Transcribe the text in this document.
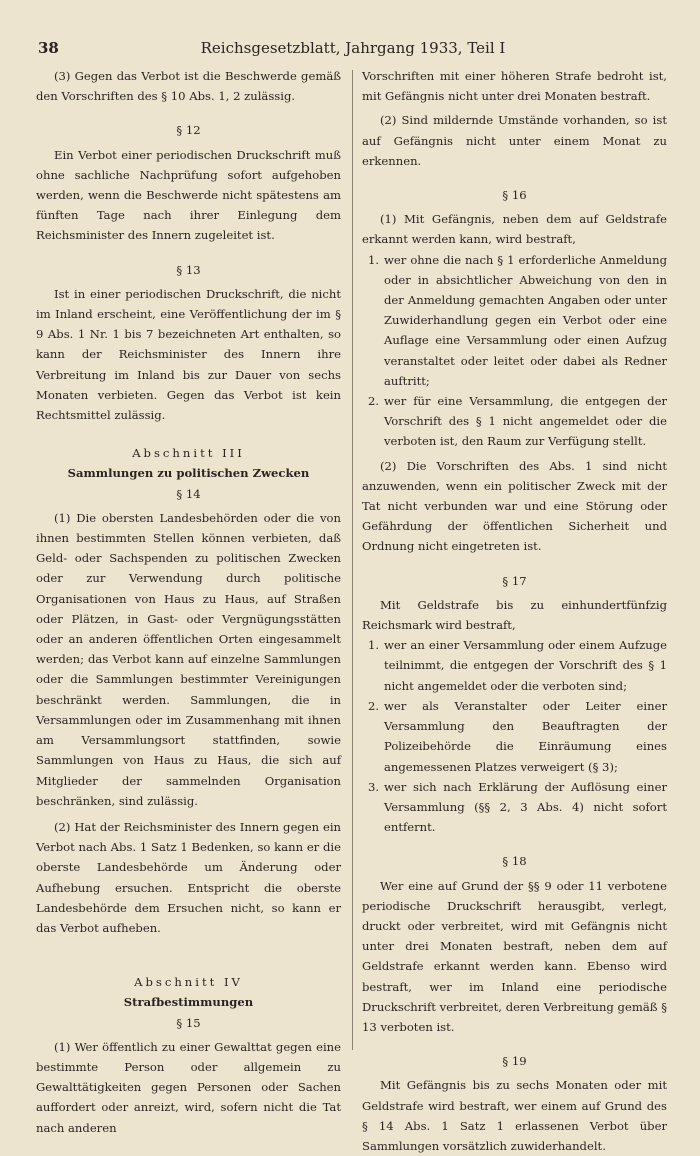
38	Reichsgesetzblatt, Jahrgang 1933, Teil I

(3) Gegen das Verbot ist die Beschwerde gemäß den Vorschriften des § 10 Abs. 1, 2 zulässig.

§ 12

Ein Verbot einer periodischen Druckschrift muß ohne sachliche Nachprüfung sofort aufgehoben werden, wenn die Beschwerde nicht spätestens am fünften Tage nach ihrer Einlegung dem Reichsminister des Innern zugeleitet ist.

§ 13

Ist in einer periodischen Druckschrift, die nicht im Inland erscheint, eine Veröffentlichung der im § 9 Abs. 1 Nr. 1 bis 7 bezeichneten Art enthalten, so kann der Reichsminister des Innern ihre Verbreitung im Inland bis zur Dauer von sechs Monaten verbieten. Gegen das Verbot ist kein Rechtsmittel zulässig.

Abschnitt III
Sammlungen zu politischen Zwecken
§ 14

(1) Die obersten Landesbehörden oder die von ihnen bestimmten Stellen können verbieten, daß Geld- oder Sachspenden zu politischen Zwecken oder zur Verwendung durch politische Organisationen von Haus zu Haus, auf Straßen oder Plätzen, in Gast- oder Vergnügungsstätten oder an anderen öffentlichen Orten eingesammelt werden; das Verbot kann auf einzelne Sammlungen oder die Sammlungen bestimmter Vereinigungen beschränkt werden. Sammlungen, die in Versammlungen oder im Zusammenhang mit ihnen am Versammlungsort stattfinden, sowie Sammlungen von Haus zu Haus, die sich auf Mitglieder der sammelnden Organisation beschränken, sind zulässig.

(2) Hat der Reichsminister des Innern gegen ein Verbot nach Abs. 1 Satz 1 Bedenken, so kann er die oberste Landesbehörde um Änderung oder Aufhebung ersuchen. Entspricht die oberste Landesbehörde dem Ersuchen nicht, so kann er das Verbot aufheben.

Abschnitt IV
Strafbestimmungen
§ 15

(1) Wer öffentlich zu einer Gewalttat gegen eine bestimmte Person oder allgemein zu Gewalttätigkeiten gegen Personen oder Sachen auffordert oder anreizt, wird, sofern nicht die Tat nach anderen

Vorschriften mit einer höheren Strafe bedroht ist, mit Gefängnis nicht unter drei Monaten bestraft.

(2) Sind mildernde Umstände vorhanden, so ist auf Gefängnis nicht unter einem Monat zu erkennen.

§ 16

(1) Mit Gefängnis, neben dem auf Geldstrafe erkannt werden kann, wird bestraft,

1. wer ohne die nach § 1 erforderliche Anmeldung oder in absichtlicher Abweichung von den in der Anmeldung gemachten Angaben oder unter Zuwiderhandlung gegen ein Verbot oder eine Auflage eine Versammlung oder einen Aufzug veranstaltet oder leitet oder dabei als Redner auftritt;
2. wer für eine Versammlung, die entgegen der Vorschrift des § 1 nicht angemeldet oder die verboten ist, den Raum zur Verfügung stellt.

(2) Die Vorschriften des Abs. 1 sind nicht anzuwenden, wenn ein politischer Zweck mit der Tat nicht verbunden war und eine Störung oder Gefährdung der öffentlichen Sicherheit und Ordnung nicht eingetreten ist.

§ 17

Mit Geldstrafe bis zu einhundertfünfzig Reichsmark wird bestraft,

1. wer an einer Versammlung oder einem Aufzuge teilnimmt, die entgegen der Vorschrift des § 1 nicht angemeldet oder die verboten sind;
2. wer als Veranstalter oder Leiter einer Versammlung den Beauftragten der Polizeibehörde die Einräumung eines angemessenen Platzes verweigert (§ 3);
3. wer sich nach Erklärung der Auflösung einer Versammlung (§§ 2, 3 Abs. 4) nicht sofort entfernt.
§ 18

Wer eine auf Grund der §§ 9 oder 11 verbotene periodische Druckschrift herausgibt, verlegt, druckt oder verbreitet, wird mit Gefängnis nicht unter drei Monaten bestraft, neben dem auf Geldstrafe erkannt werden kann. Ebenso wird bestraft, wer im Inland eine periodische Druckschrift verbreitet, deren Verbreitung gemäß § 13 verboten ist.

§ 19

Mit Gefängnis bis zu sechs Monaten oder mit Geldstrafe wird bestraft, wer einem auf Grund des § 14 Abs. 1 Satz 1 erlassenen Verbot über Sammlungen vorsätzlich zuwiderhandelt.
